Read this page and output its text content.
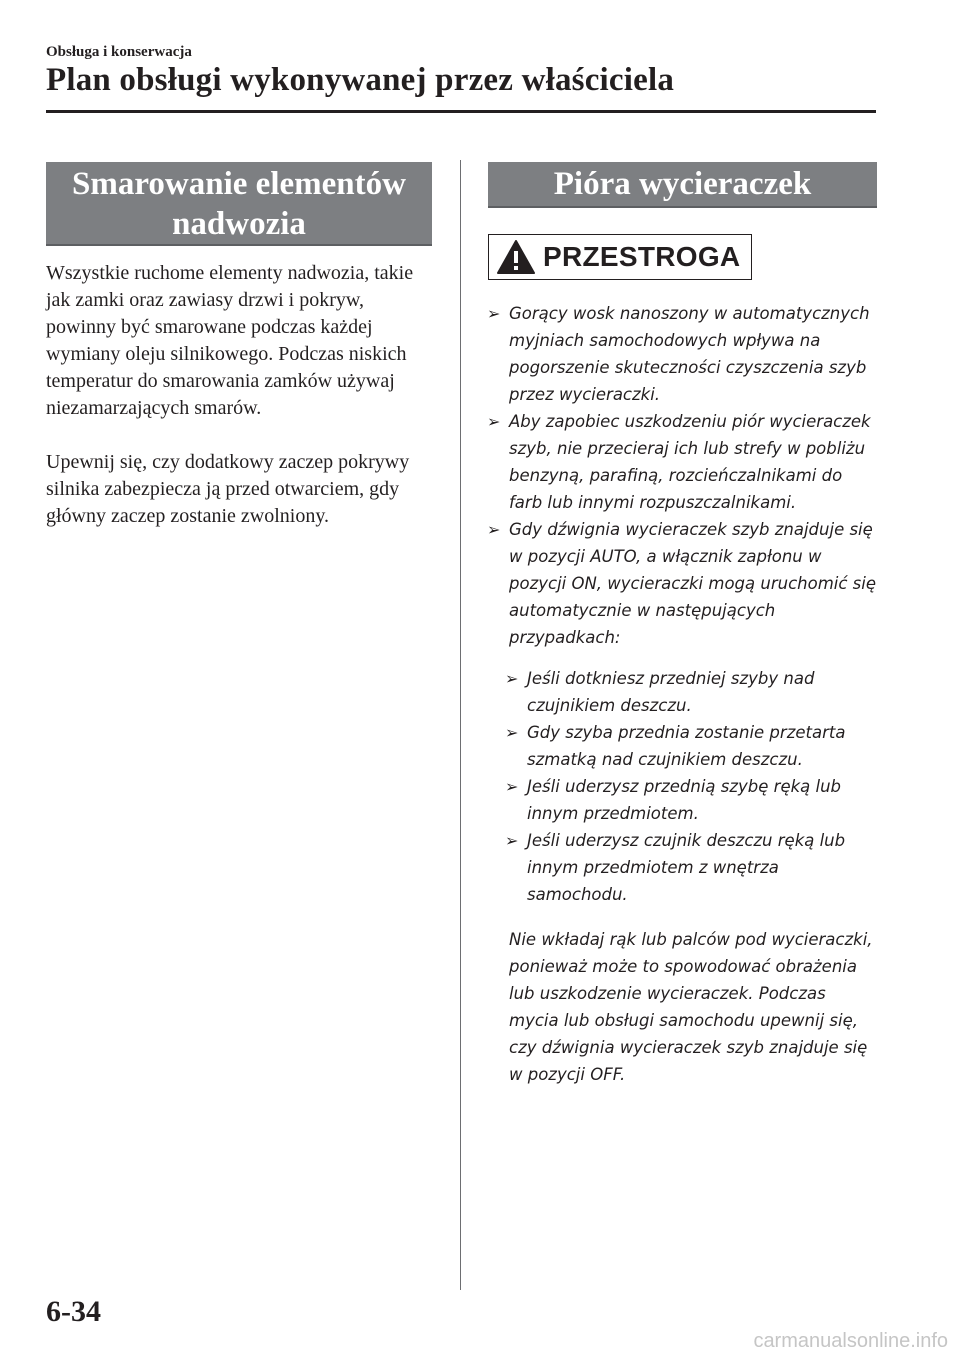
Obsługa i konserwacja
Plan obsługi wykonywanej przez właściciela
Smarowanie elementów nadwozia

Wszystkie ruchome elementy nadwozia, takie jak zamki oraz zawiasy drzwi i pokryw, powinny być smarowane podczas każdej wymiany oleju silnikowego. Podczas niskich temperatur do smarowania zamków używaj niezamarzających smarów.

Upewnij się, czy dodatkowy zaczep pokrywy silnika zabezpiecza ją przed otwarciem, gdy główny zaczep zostanie zwolniony.

Pióra wycieraczek
PRZESTROGA
➢ Gorący wosk nanoszony w automatycznych myjniach samochodowych wpływa na pogorszenie skuteczności czyszczenia szyb przez wycieraczki.
➢ Aby zapobiec uszkodzeniu piór wycieraczek szyb, nie przecieraj ich lub strefy w pobliżu benzyną, parafiną, rozcieńczalnikami do farb lub innymi rozpuszczalnikami.
➢ Gdy dźwignia wycieraczek szyb znajduje się w pozycji AUTO, a włącznik zapłonu w pozycji ON, wycieraczki mogą uruchomić się automatycznie w następujących przypadkach:
➢ Jeśli dotkniesz przedniej szyby nad czujnikiem deszczu.
➢ Gdy szyba przednia zostanie przetarta szmatką nad czujnikiem deszczu.
➢ Jeśli uderzysz przednią szybę ręką lub innym przedmiotem.
➢ Jeśli uderzysz czujnik deszczu ręką lub innym przedmiotem z wnętrza samochodu.

Nie wkładaj rąk lub palców pod wycieraczki, ponieważ może to spowodować obrażenia lub uszkodzenie wycieraczek. Podczas mycia lub obsługi samochodu upewnij się, czy dźwignia wycieraczek szyb znajduje się w pozycji OFF.

6-34
carmanualsonline.info
